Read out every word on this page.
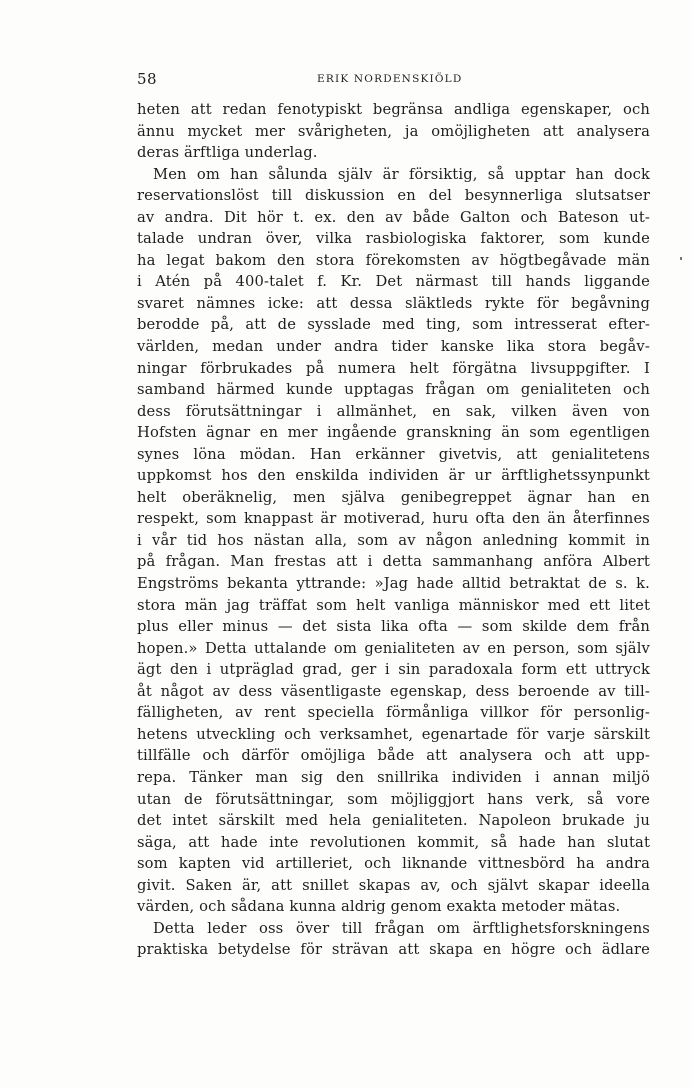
58	ERIK NORDENSKIÖLD
heten att redan fenotypiskt begränsa andliga egenskaper, och
ännu mycket mer svårigheten, ja omöjligheten att analysera
deras ärftliga underlag.
Men om han sålunda själv är försiktig, så upptar han dock
reservationslöst till diskussion en del besynnerliga slutsatser
av andra. Dit hör t. ex. den av både Galton och Bateson ut-
talade undran över, vilka rasbiologiska faktorer, som kunde
ha legat bakom den stora förekomsten av högtbegåvade män
i Atén på 400-talet f. Kr. Det närmast till hands liggande
svaret nämnes icke: att dessa släktleds rykte för begåvning
berodde på, att de sysslade med ting, som intresserat efter-
världen, medan under andra tider kanske lika stora begåv-
ningar förbrukades på numera helt förgätna livsuppgifter. I
samband härmed kunde upptagas frågan om genialiteten och
dess förutsättningar i allmänhet, en sak, vilken även von
Hofsten ägnar en mer ingående granskning än som egentligen
synes löna mödan. Han erkänner givetvis, att genialitetens
uppkomst hos den enskilda individen är ur ärftlighetssynpunkt
helt oberäknelig, men själva genibegreppet ägnar han en
respekt, som knappast är motiverad, huru ofta den än återfinnes
i vår tid hos nästan alla, som av någon anledning kommit in
på frågan. Man frestas att i detta sammanhang anföra Albert
Engströms bekanta yttrande: »Jag hade alltid betraktat de s. k.
stora män jag träffat som helt vanliga människor med ett litet
plus eller minus — det sista lika ofta — som skilde dem från
hopen.» Detta uttalande om genialiteten av en person, som själv
ägt den i utpräglad grad, ger i sin paradoxala form ett uttryck
åt något av dess väsentligaste egenskap, dess beroende av till-
fälligheten, av rent speciella förmånliga villkor för personlig-
hetens utveckling och verksamhet, egenartade för varje särskilt
tillfälle och därför omöjliga både att analysera och att upp-
repa. Tänker man sig den snillrika individen i annan miljö
utan de förutsättningar, som möjliggjort hans verk, så vore
det intet särskilt med hela genialiteten. Napoleon brukade ju
säga, att hade inte revolutionen kommit, så hade han slutat
som kapten vid artilleriet, och liknande vittnesbörd ha andra
givit. Saken är, att snillet skapas av, och självt skapar ideella
värden, och sådana kunna aldrig genom exakta metoder mätas.
Detta leder oss över till frågan om ärftlighetsforskningens
praktiska betydelse för strävan att skapa en högre och ädlare
